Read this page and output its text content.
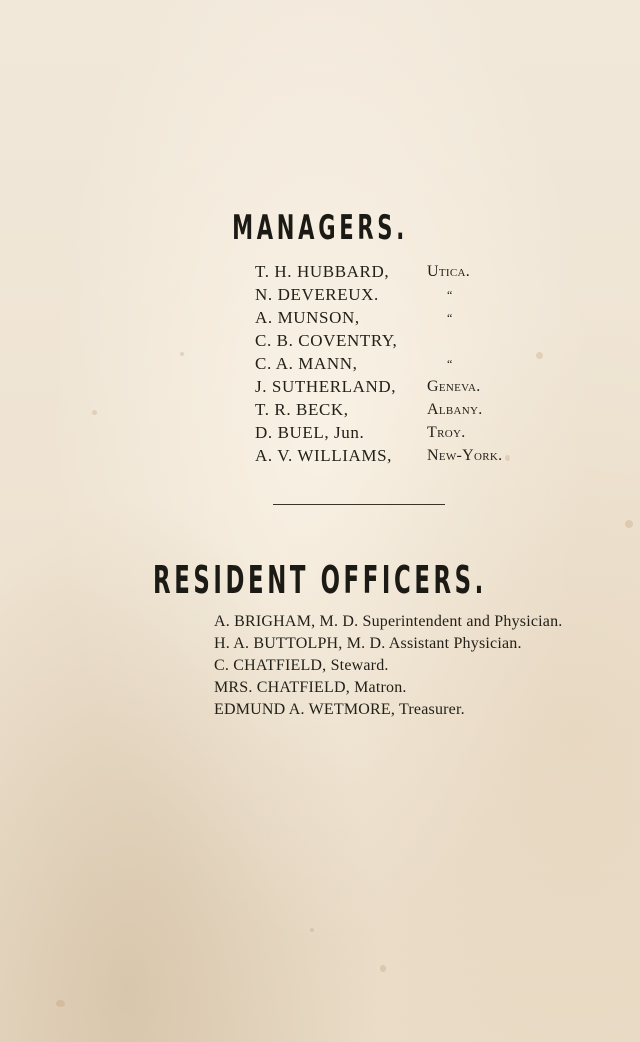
MANAGERS.
T. H. HUBBARD, Utica.
N. DEVEREUX.	“
A. MUNSON,	“
C. B. COVENTRY,
C. A. MANN,	“
J. SUTHERLAND, Geneva.
T. R. BECK,	Albany.
D. BUEL, Jun.	Troy.
A. V. WILLIAMS, New-York.
RESIDENT OFFICERS.
A. BRIGHAM, M. D. Superintendent and Physician.
H. A. BUTTOLPH, M. D. Assistant Physician.
C. CHATFIELD, Steward.
MRS. CHATFIELD, Matron.
EDMUND A. WETMORE, Treasurer.
